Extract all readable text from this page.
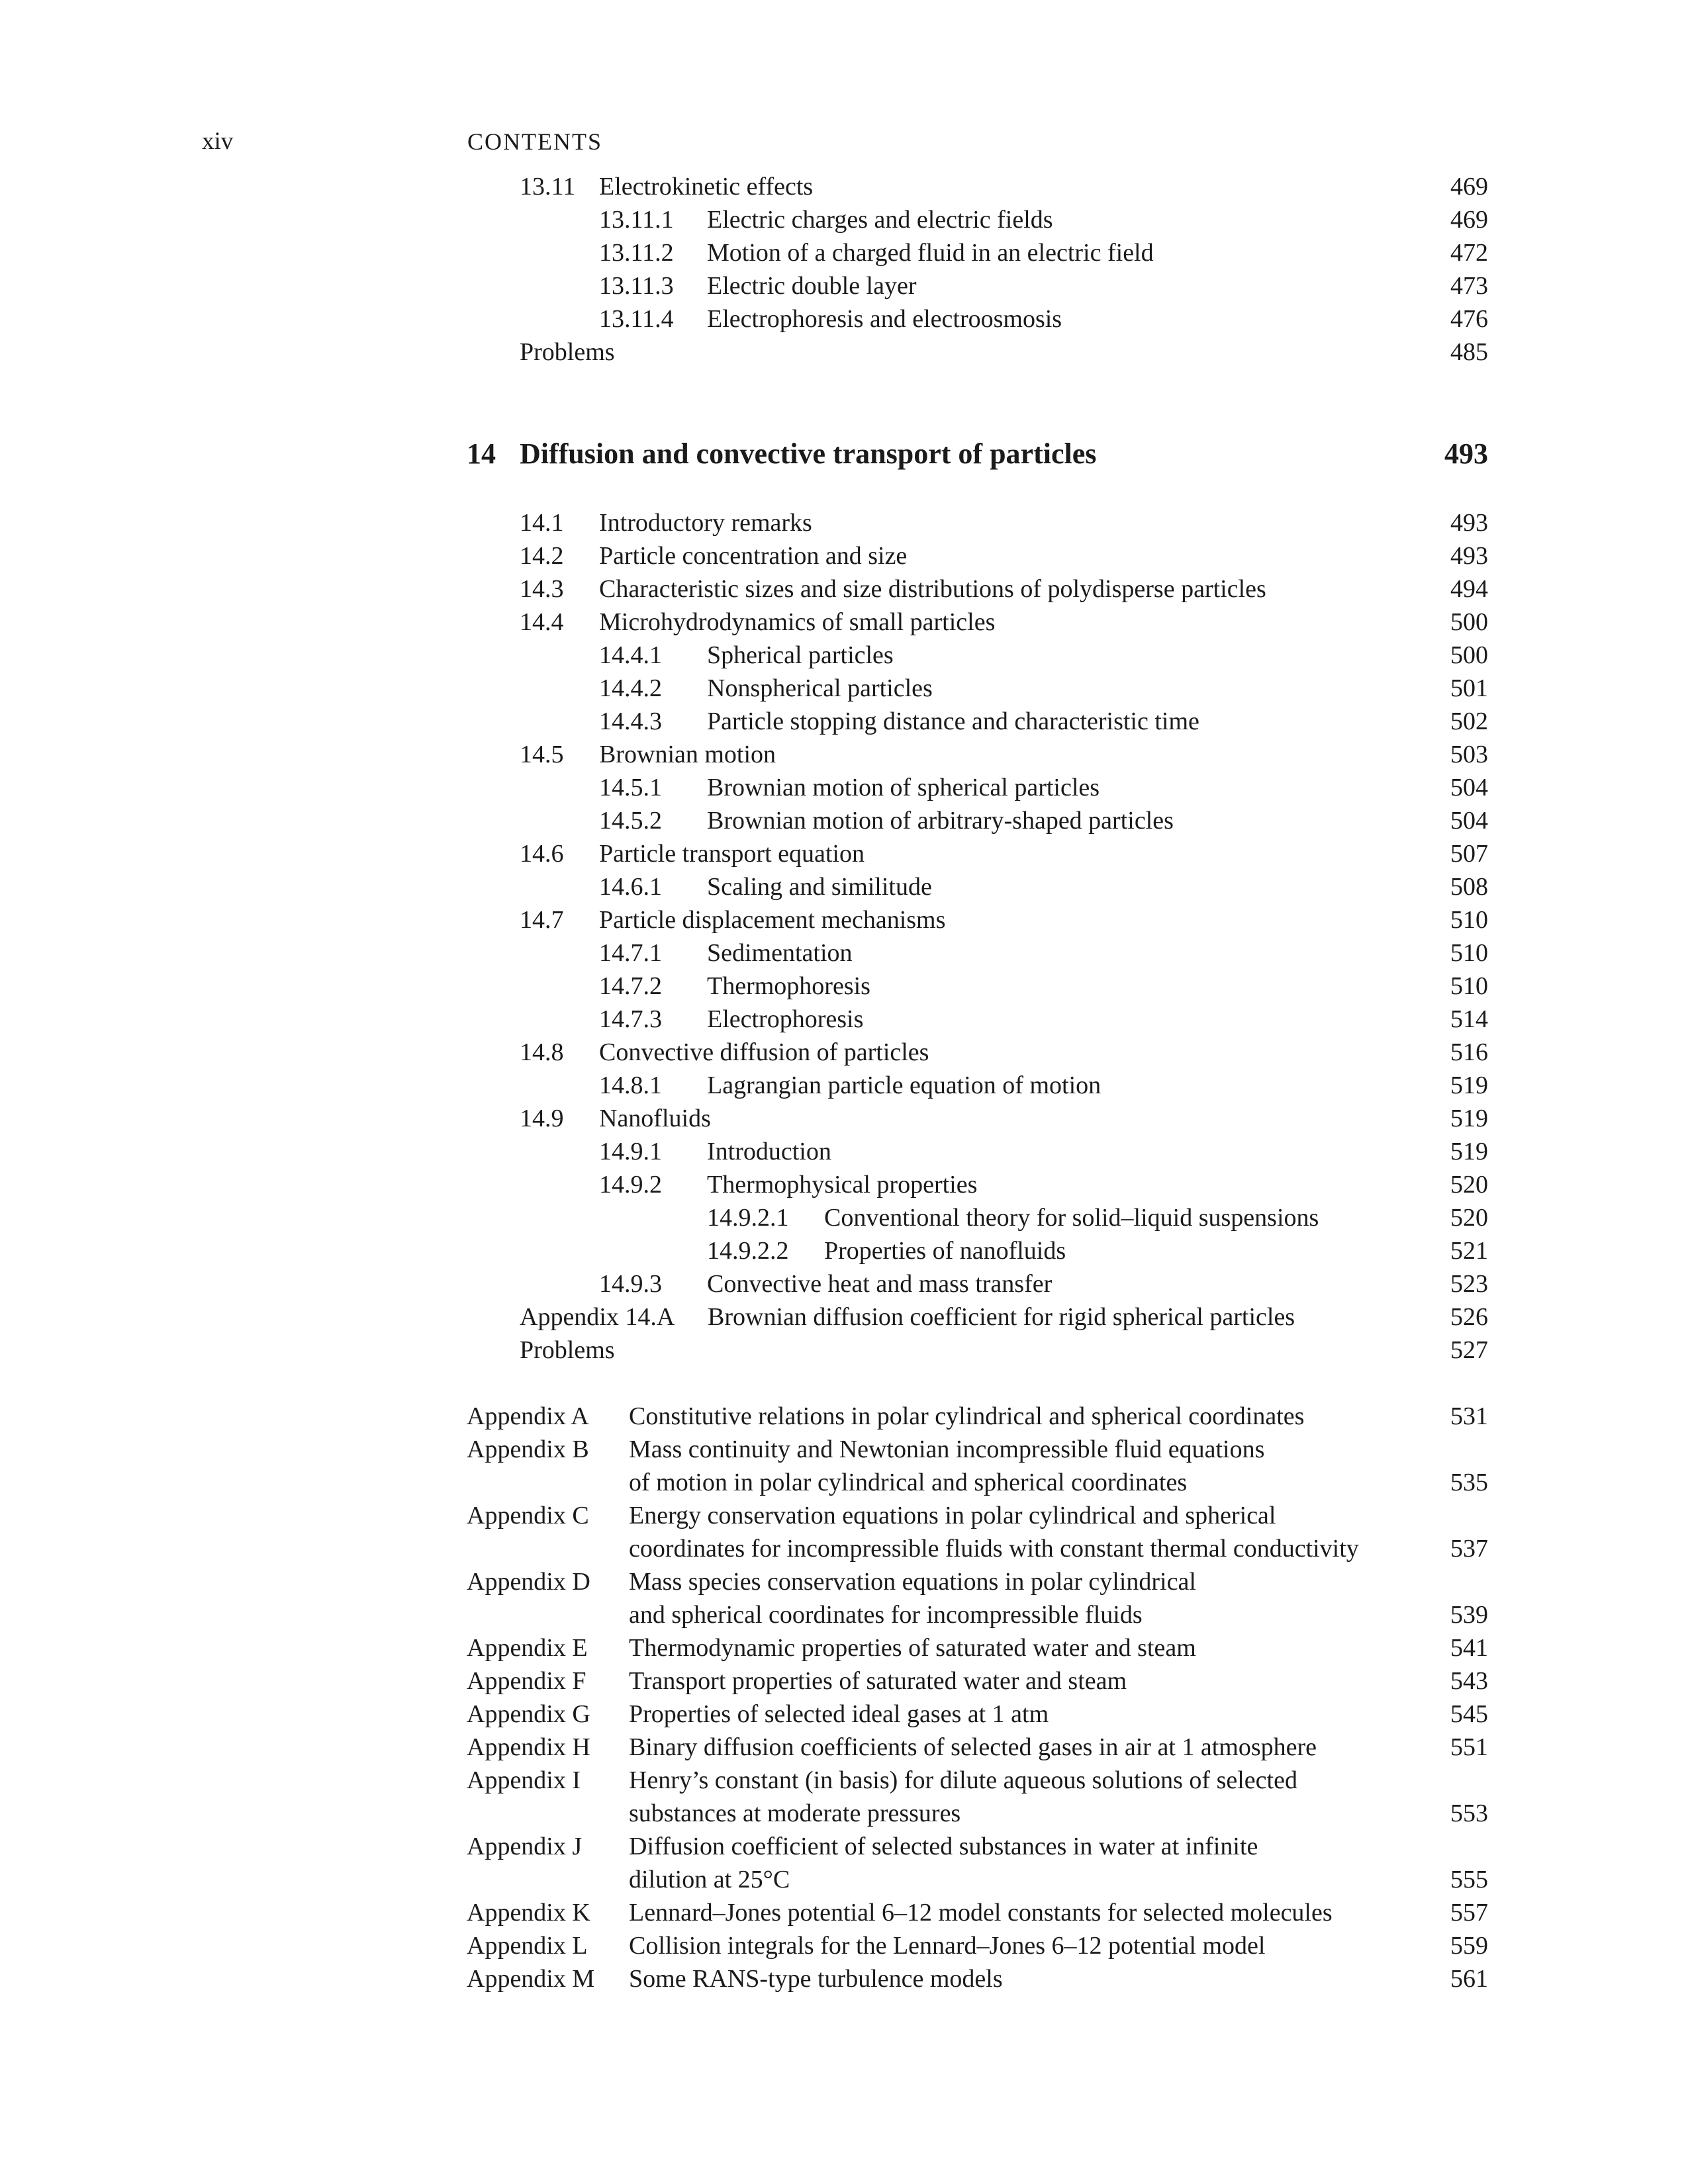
xiv	CONTENTS
13.11 Electrokinetic effects	469
13.11.1	Electric charges and electric fields	469
13.11.2	Motion of a charged fluid in an electric field	472
13.11.3	Electric double layer	473
13.11.4	Electrophoresis and electroosmosis	476
Problems	485
14 Diffusion and convective transport of particles	493
14.1	Introductory remarks	493
14.2	Particle concentration and size	493
14.3	Characteristic sizes and size distributions of polydisperse particles	494
14.4	Microhydrodynamics of small particles	500
14.4.1	Spherical particles	500
14.4.2	Nonspherical particles	501
14.4.3	Particle stopping distance and characteristic time	502
14.5	Brownian motion	503
14.5.1	Brownian motion of spherical particles	504
14.5.2	Brownian motion of arbitrary-shaped particles	504
14.6	Particle transport equation	507
14.6.1	Scaling and similitude	508
14.7	Particle displacement mechanisms	510
14.7.1	Sedimentation	510
14.7.2	Thermophoresis	510
14.7.3	Electrophoresis	514
14.8	Convective diffusion of particles	516
14.8.1	Lagrangian particle equation of motion	519
14.9	Nanofluids	519
14.9.1	Introduction	519
14.9.2	Thermophysical properties	520
14.9.2.1	Conventional theory for solid–liquid suspensions	520
14.9.2.2	Properties of nanofluids	521
14.9.3	Convective heat and mass transfer	523
Appendix 14.A	Brownian diffusion coefficient for rigid spherical particles	526
Problems	527
Appendix A	Constitutive relations in polar cylindrical and spherical coordinates	531
Appendix B	Mass continuity and Newtonian incompressible fluid equations
of motion in polar cylindrical and spherical coordinates	535
Appendix C	Energy conservation equations in polar cylindrical and spherical
coordinates for incompressible fluids with constant thermal conductivity	537
Appendix D	Mass species conservation equations in polar cylindrical
and spherical coordinates for incompressible fluids	539
Appendix E	Thermodynamic properties of saturated water and steam	541
Appendix F	Transport properties of saturated water and steam	543
Appendix G	Properties of selected ideal gases at 1 atm	545
Appendix H	Binary diffusion coefficients of selected gases in air at 1 atmosphere	551
Appendix I	Henry’s constant (in basis) for dilute aqueous solutions of selected
substances at moderate pressures	553
Appendix J	Diffusion coefficient of selected substances in water at infinite
dilution at 25°C	555
Appendix K	Lennard–Jones potential 6–12 model constants for selected molecules	557
Appendix L	Collision integrals for the Lennard–Jones 6–12 potential model	559
Appendix M	Some RANS-type turbulence models	561
